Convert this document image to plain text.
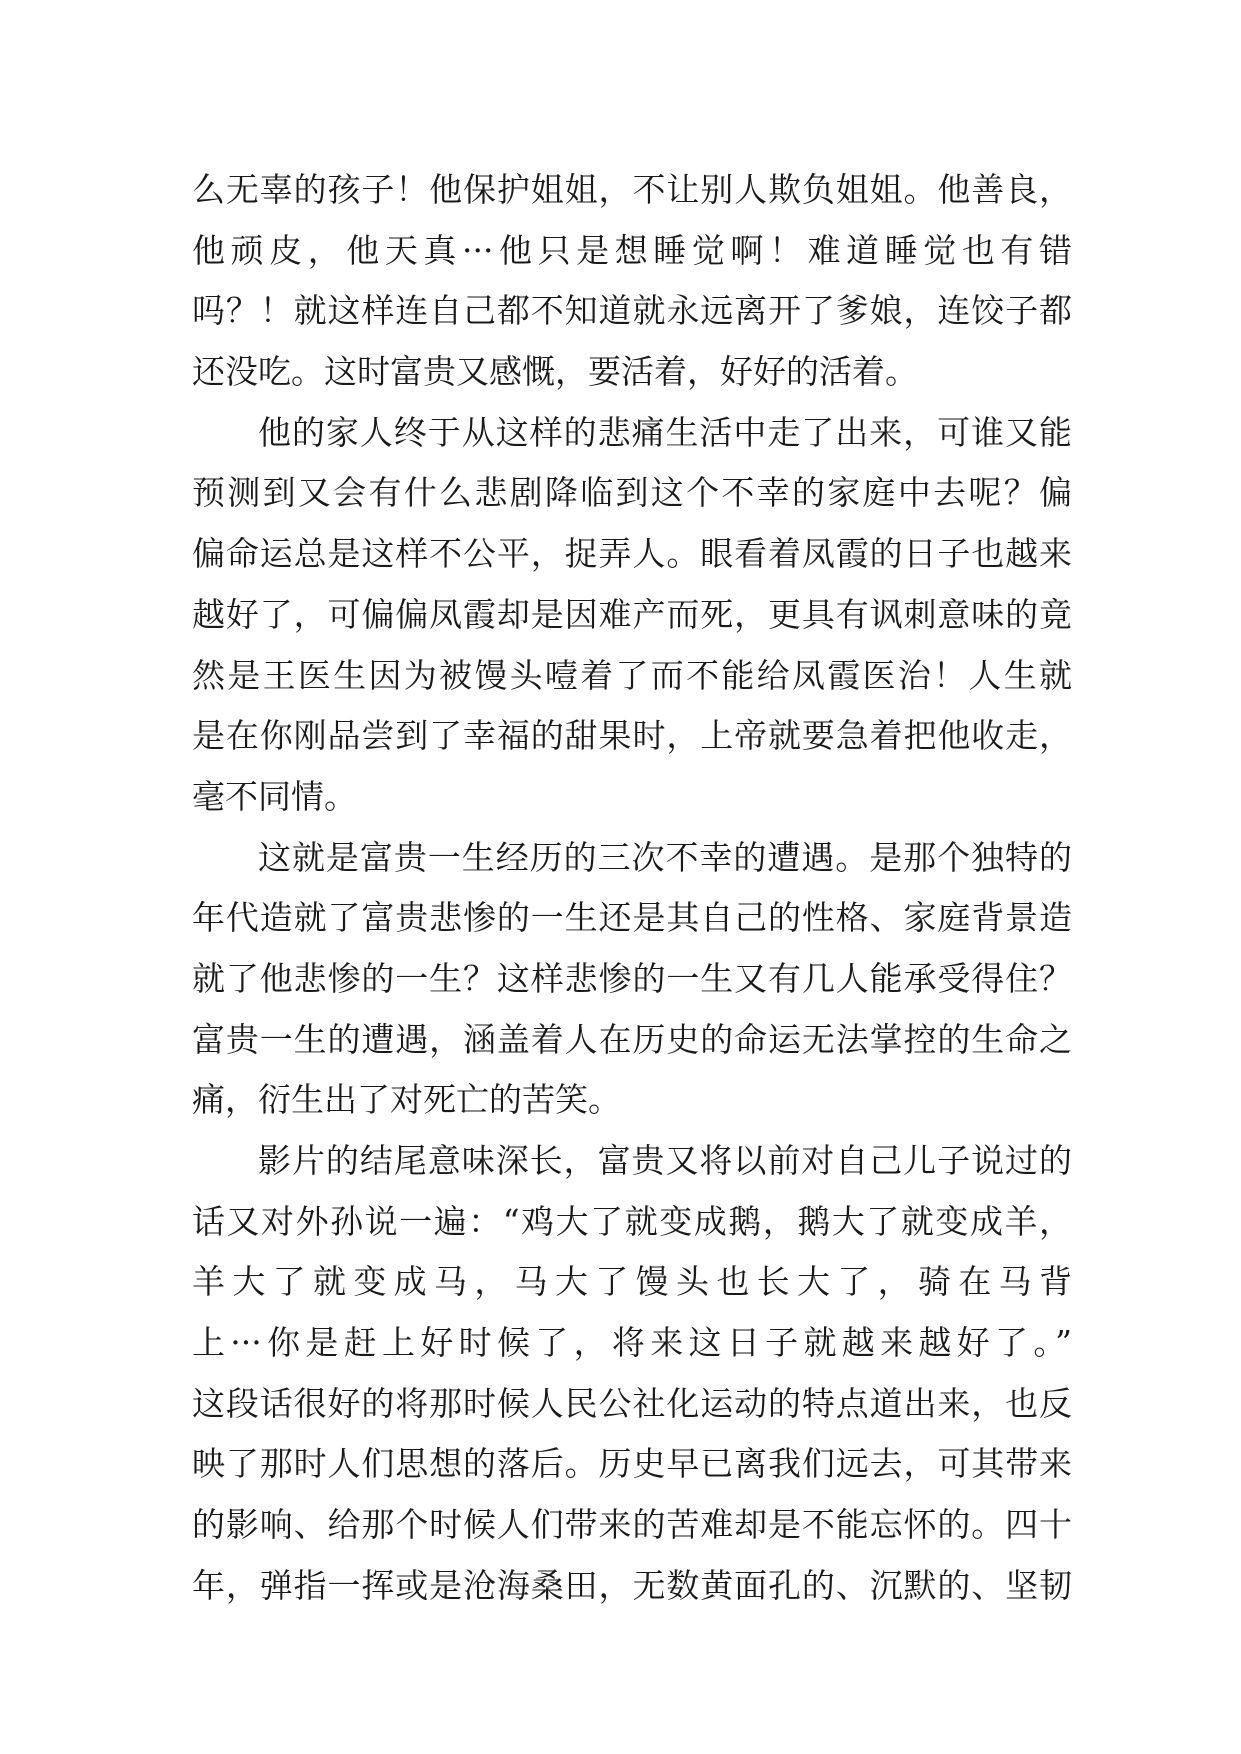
么无辜的孩子！他保护姐姐，不让别人欺负姐姐。他善良，
他顽皮，他天真···他只是想睡觉啊！难道睡觉也有错
吗？！就这样连自己都不知道就永远离开了爹娘，连饺子都
还没吃。这时富贵又感慨，要活着，好好的活着。
他的家人终于从这样的悲痛生活中走了出来，可谁又能
预测到又会有什么悲剧降临到这个不幸的家庭中去呢？偏
偏命运总是这样不公平，捉弄人。眼看着凤霞的日子也越来
越好了，可偏偏凤霞却是因难产而死，更具有讽刺意味的竟
然是王医生因为被馒头噎着了而不能给凤霞医治！人生就
是在你刚品尝到了幸福的甜果时，上帝就要急着把他收走，
毫不同情。
这就是富贵一生经历的三次不幸的遭遇。是那个独特的
年代造就了富贵悲惨的一生还是其自己的性格、家庭背景造
就了他悲惨的一生？这样悲惨的一生又有几人能承受得住？
富贵一生的遭遇，涵盖着人在历史的命运无法掌控的生命之
痛，衍生出了对死亡的苦笑。
影片的结尾意味深长，富贵又将以前对自己儿子说过的
话又对外孙说一遍：“鸡大了就变成鹅，鹅大了就变成羊，
羊大了就变成马，马大了馒头也长大了，骑在马背
上···你是赶上好时候了，将来这日子就越来越好了。”
这段话很好的将那时候人民公社化运动的特点道出来，也反
映了那时人们思想的落后。历史早已离我们远去，可其带来
的影响、给那个时候人们带来的苦难却是不能忘怀的。四十
年，弹指一挥或是沧海桑田，无数黄面孔的、沉默的、坚韧
